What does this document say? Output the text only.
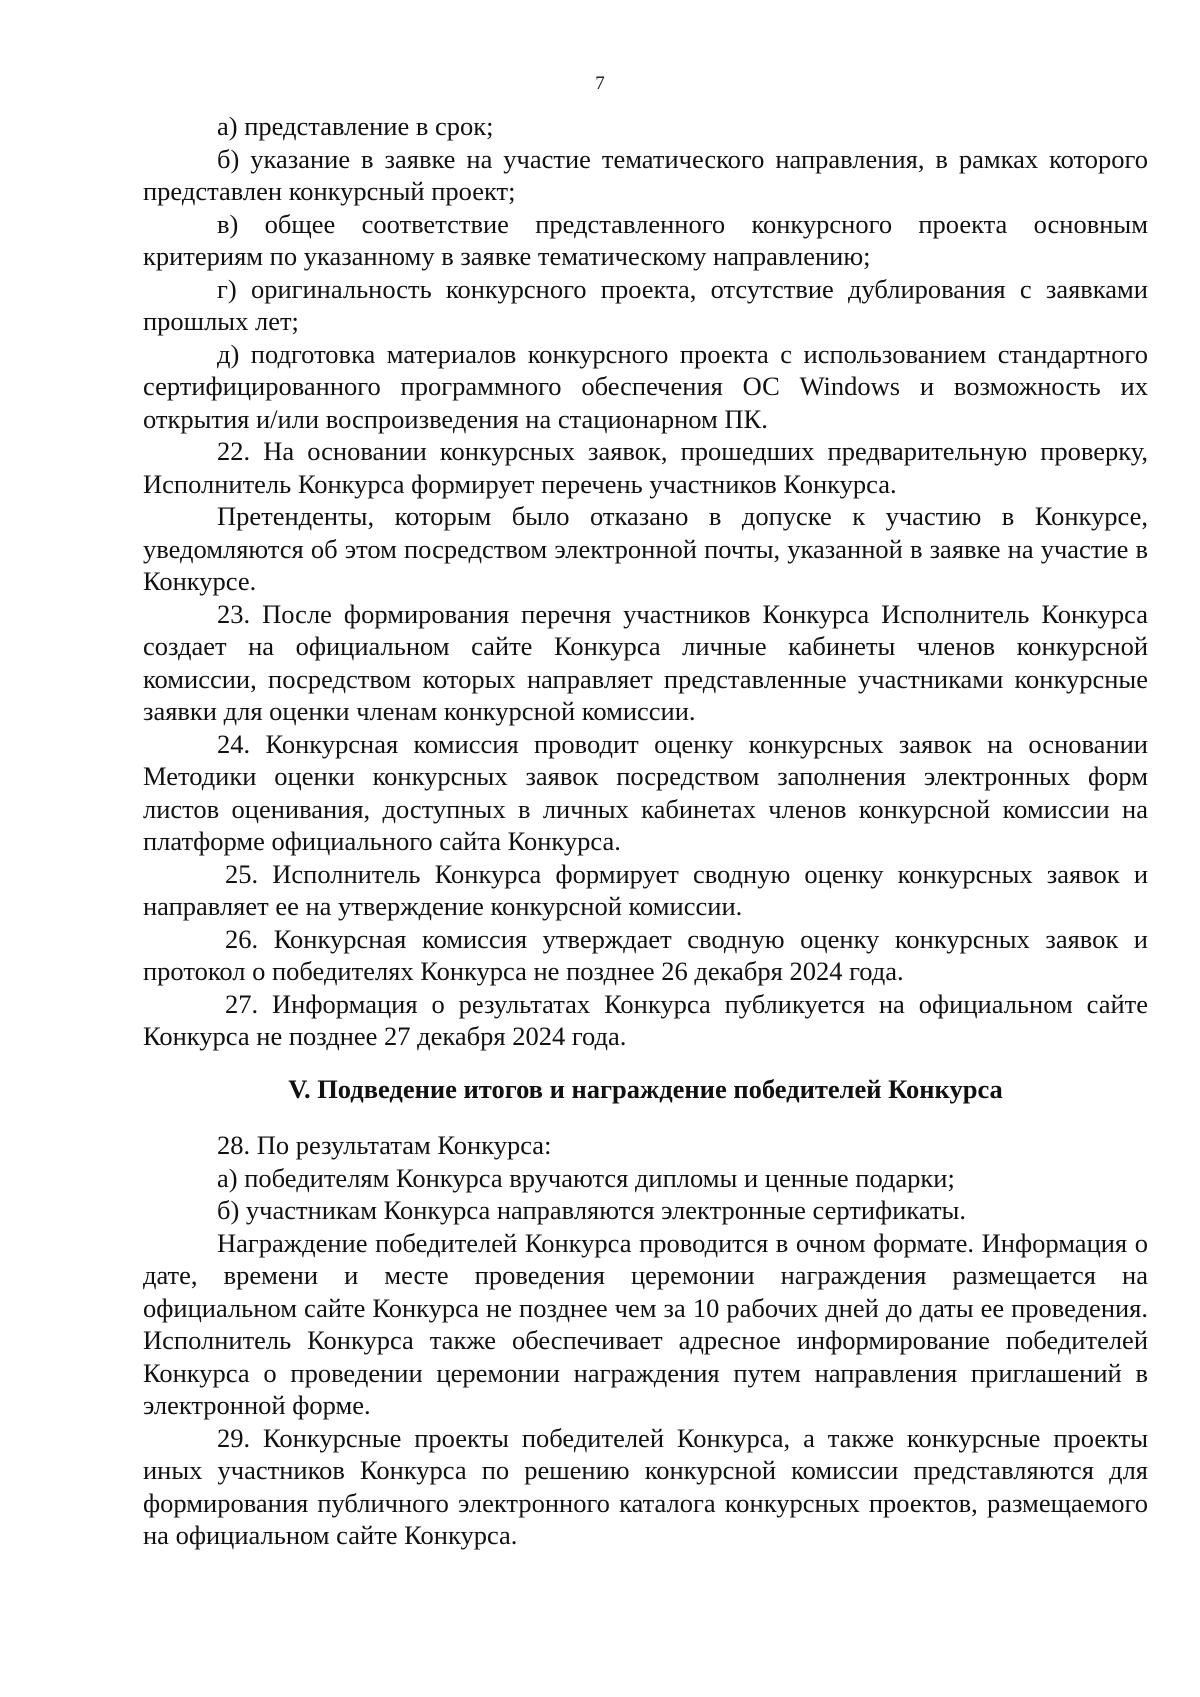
7

а) представление в срок;

б) указание в заявке на участие тематического направления, в рамках которого представлен конкурсный проект;

в) общее соответствие представленного конкурсного проекта основным критериям по указанному в заявке тематическому направлению;

г) оригинальность конкурсного проекта, отсутствие дублирования с заявками прошлых лет;

д) подготовка материалов конкурсного проекта с использованием стандартного сертифицированного программного обеспечения ОС Windows и возможность их открытия и/или воспроизведения на стационарном ПК.

22. На основании конкурсных заявок, прошедших предварительную проверку, Исполнитель Конкурса формирует перечень участников Конкурса.

Претенденты, которым было отказано в допуске к участию в Конкурсе, уведомляются об этом посредством электронной почты, указанной в заявке на участие в Конкурсе.

23. После формирования перечня участников Конкурса Исполнитель Конкурса создает на официальном сайте Конкурса личные кабинеты членов конкурсной комиссии, посредством которых направляет представленные участниками конкурсные заявки для оценки членам конкурсной комиссии.

24. Конкурсная комиссия проводит оценку конкурсных заявок на основании Методики оценки конкурсных заявок посредством заполнения электронных форм листов оценивания, доступных в личных кабинетах членов конкурсной комиссии на платформе официального сайта Конкурса.

25. Исполнитель Конкурса формирует сводную оценку конкурсных заявок и направляет ее на утверждение конкурсной комиссии.

26. Конкурсная комиссия утверждает сводную оценку конкурсных заявок и протокол о победителях Конкурса не позднее 26 декабря 2024 года.

27. Информация о результатах Конкурса публикуется на официальном сайте Конкурса не позднее 27 декабря 2024 года.

V. Подведение итогов и награждение победителей Конкурса

28. По результатам Конкурса:

а) победителям Конкурса вручаются дипломы и ценные подарки;

б) участникам Конкурса направляются электронные сертификаты.

Награждение победителей Конкурса проводится в очном формате. Информация о дате, времени и месте проведения церемонии награждения размещается на официальном сайте Конкурса не позднее чем за 10 рабочих дней до даты ее проведения. Исполнитель Конкурса также обеспечивает адресное информирование победителей Конкурса о проведении церемонии награждения путем направления приглашений в электронной форме.

29. Конкурсные проекты победителей Конкурса, а также конкурсные проекты иных участников Конкурса по решению конкурсной комиссии представляются для формирования публичного электронного каталога конкурсных проектов, размещаемого на официальном сайте Конкурса.
